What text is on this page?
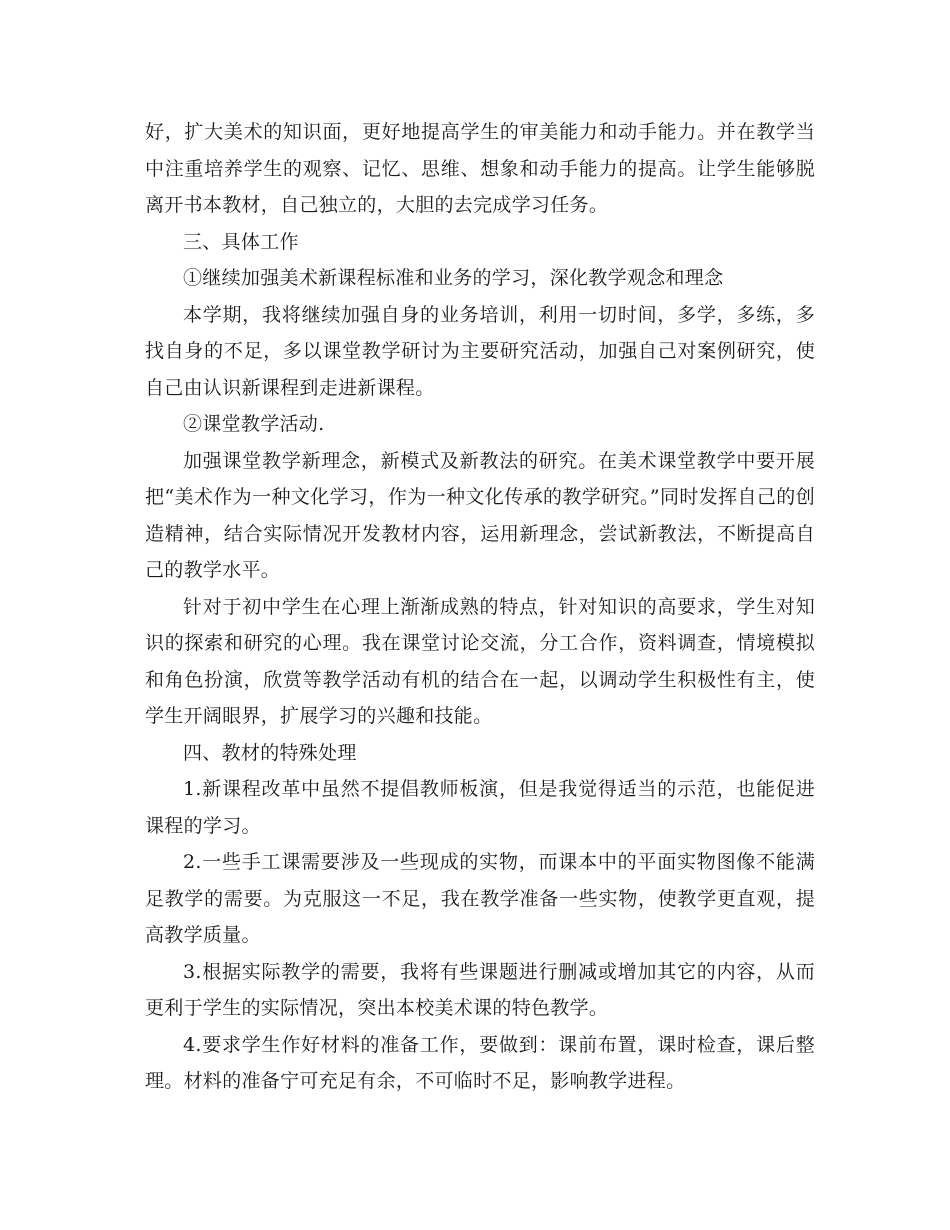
好，扩大美术的知识面，更好地提高学生的审美能力和动手能力。并在教学当中注重培养学生的观察、记忆、思维、想象和动手能力的提高。让学生能够脱离开书本教材，自己独立的，大胆的去完成学习任务。

三、具体工作

①继续加强美术新课程标准和业务的学习，深化教学观念和理念

本学期，我将继续加强自身的业务培训，利用一切时间，多学，多练，多找自身的不足，多以课堂教学研讨为主要研究活动，加强自己对案例研究，使自己由认识新课程到走进新课程。

②课堂教学活动.

加强课堂教学新理念，新模式及新教法的研究。在美术课堂教学中要开展把“美术作为一种文化学习，作为一种文化传承的教学研究。”同时发挥自己的创造精神，结合实际情况开发教材内容，运用新理念，尝试新教法，不断提高自己的教学水平。

针对于初中学生在心理上渐渐成熟的特点，针对知识的高要求，学生对知识的探索和研究的心理。我在课堂讨论交流，分工合作，资料调查，情境模拟和角色扮演，欣赏等教学活动有机的结合在一起，以调动学生积极性有主，使学生开阔眼界，扩展学习的兴趣和技能。

四、教材的特殊处理

1.新课程改革中虽然不提倡教师板演，但是我觉得适当的示范，也能促进课程的学习。

2.一些手工课需要涉及一些现成的实物，而课本中的平面实物图像不能满足教学的需要。为克服这一不足，我在教学准备一些实物，使教学更直观，提高教学质量。

3.根据实际教学的需要，我将有些课题进行删减或增加其它的内容，从而更利于学生的实际情况，突出本校美术课的特色教学。

4.要求学生作好材料的准备工作，要做到：课前布置，课时检查，课后整理。材料的准备宁可充足有余，不可临时不足，影响教学进程。
